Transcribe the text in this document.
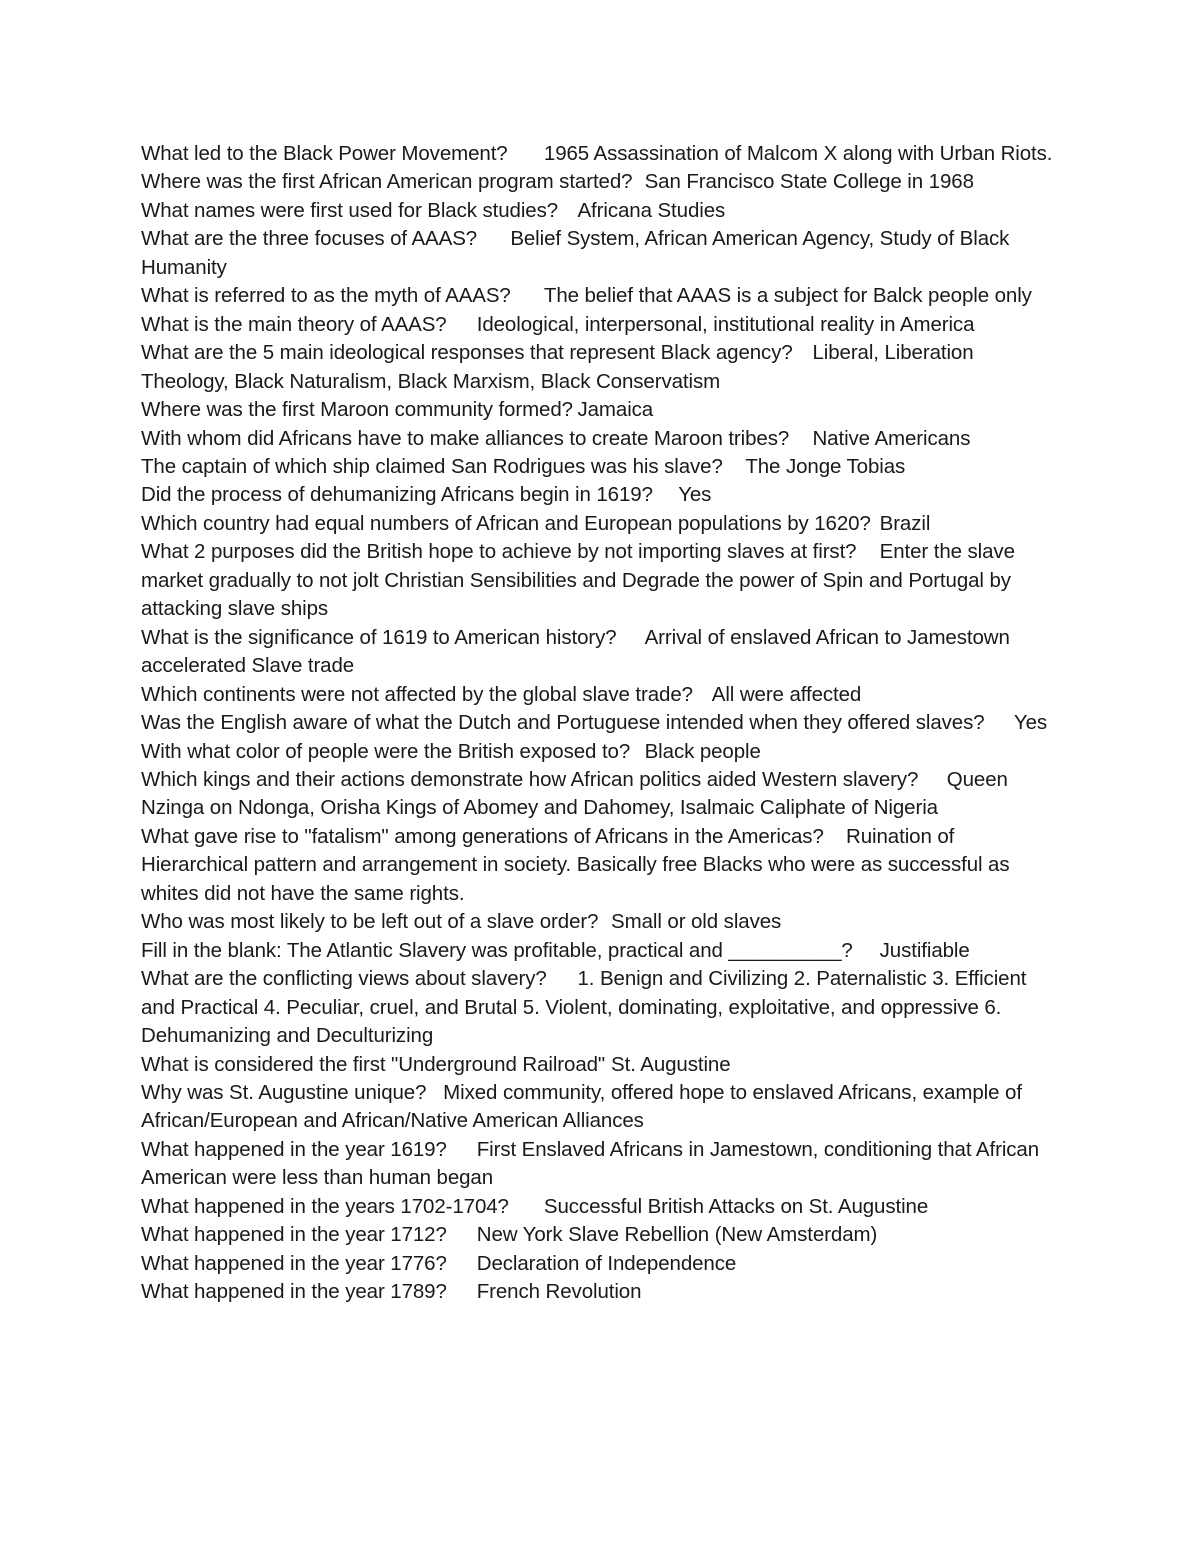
What led to the Black Power Movement?	1965 Assassination of Malcom X along with Urban Riots.

Where was the first African American program started?	San Francisco State College in 1968

What names were first used for Black studies?	Africana Studies

What are the three focuses of AAAS?	Belief System, African American Agency, Study of Black Humanity

What is referred to as the myth of AAAS?	The belief that AAAS is a subject for Balck people only

What is the main theory of AAAS?	Ideological, interpersonal, institutional reality in America

What are the 5 main ideological responses that represent Black agency?	Liberal, Liberation Theology, Black Naturalism, Black Marxism, Black Conservatism

Where was the first Maroon community formed?	Jamaica

With whom did Africans have to make alliances to create Maroon tribes?	Native Americans

The captain of which ship claimed San Rodrigues was his slave?	The Jonge Tobias

Did the process of dehumanizing Africans begin in 1619?	Yes

Which country had equal numbers of African and European populations by 1620?	Brazil

What 2 purposes did the British hope to achieve by not importing slaves at first?	Enter the slave market gradually to not jolt Christian Sensibilities and Degrade the power of Spin and Portugal by attacking slave ships

What is the significance of 1619 to American history?	Arrival of enslaved African to Jamestown accelerated Slave trade

Which continents were not affected by the global slave trade?	All were affected

Was the English aware of what the Dutch and Portuguese intended when they offered slaves?	Yes

With what color of people were the British exposed to?	Black people

Which kings and their actions demonstrate how African politics aided Western slavery?	Queen Nzinga on Ndonga, Orisha Kings of Abomey and Dahomey, Isalmaic Caliphate of Nigeria

What gave rise to "fatalism" among generations of Africans in the Americas?	Ruination of Hierarchical pattern and arrangement in society. Basically free Blacks who were as successful as whites did not have the same rights.

Who was most likely to be left out of a slave order?	Small or old slaves

Fill in the blank: The Atlantic Slavery was profitable, practical and __________?	Justifiable

What are the conflicting views about slavery?	1. Benign and Civilizing 2. Paternalistic 3. Efficient and Practical 4. Peculiar, cruel, and Brutal 5. Violent, dominating, exploitative, and oppressive 6. Dehumanizing and Deculturizing

What is considered the first "Underground Railroad"	St. Augustine

Why was St. Augustine unique?	Mixed community, offered hope to enslaved Africans, example of African/European and African/Native American Alliances

What happened in the year 1619?	First Enslaved Africans in Jamestown, conditioning that African American were less than human began

What happened in the years 1702-1704?	Successful British Attacks on St. Augustine

What happened in the year 1712?	New York Slave Rebellion (New Amsterdam)

What happened in the year 1776?	Declaration of Independence

What happened in the year 1789?	French Revolution
